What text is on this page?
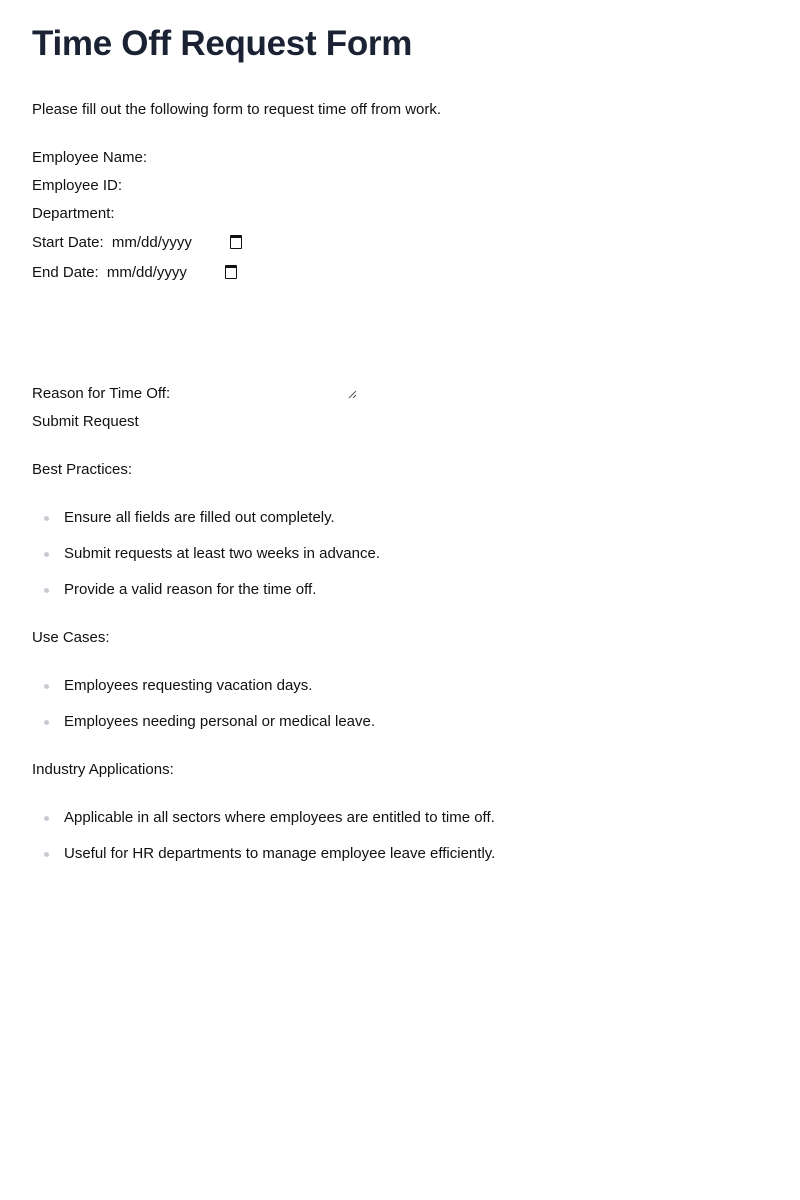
Time Off Request Form
Please fill out the following form to request time off from work.
Employee Name:
Employee ID:
Department:
Start Date: mm/dd/yyyy
End Date: mm/dd/yyyy
Reason for Time Off:
Submit Request
Best Practices:
Ensure all fields are filled out completely.
Submit requests at least two weeks in advance.
Provide a valid reason for the time off.
Use Cases:
Employees requesting vacation days.
Employees needing personal or medical leave.
Industry Applications:
Applicable in all sectors where employees are entitled to time off.
Useful for HR departments to manage employee leave efficiently.
